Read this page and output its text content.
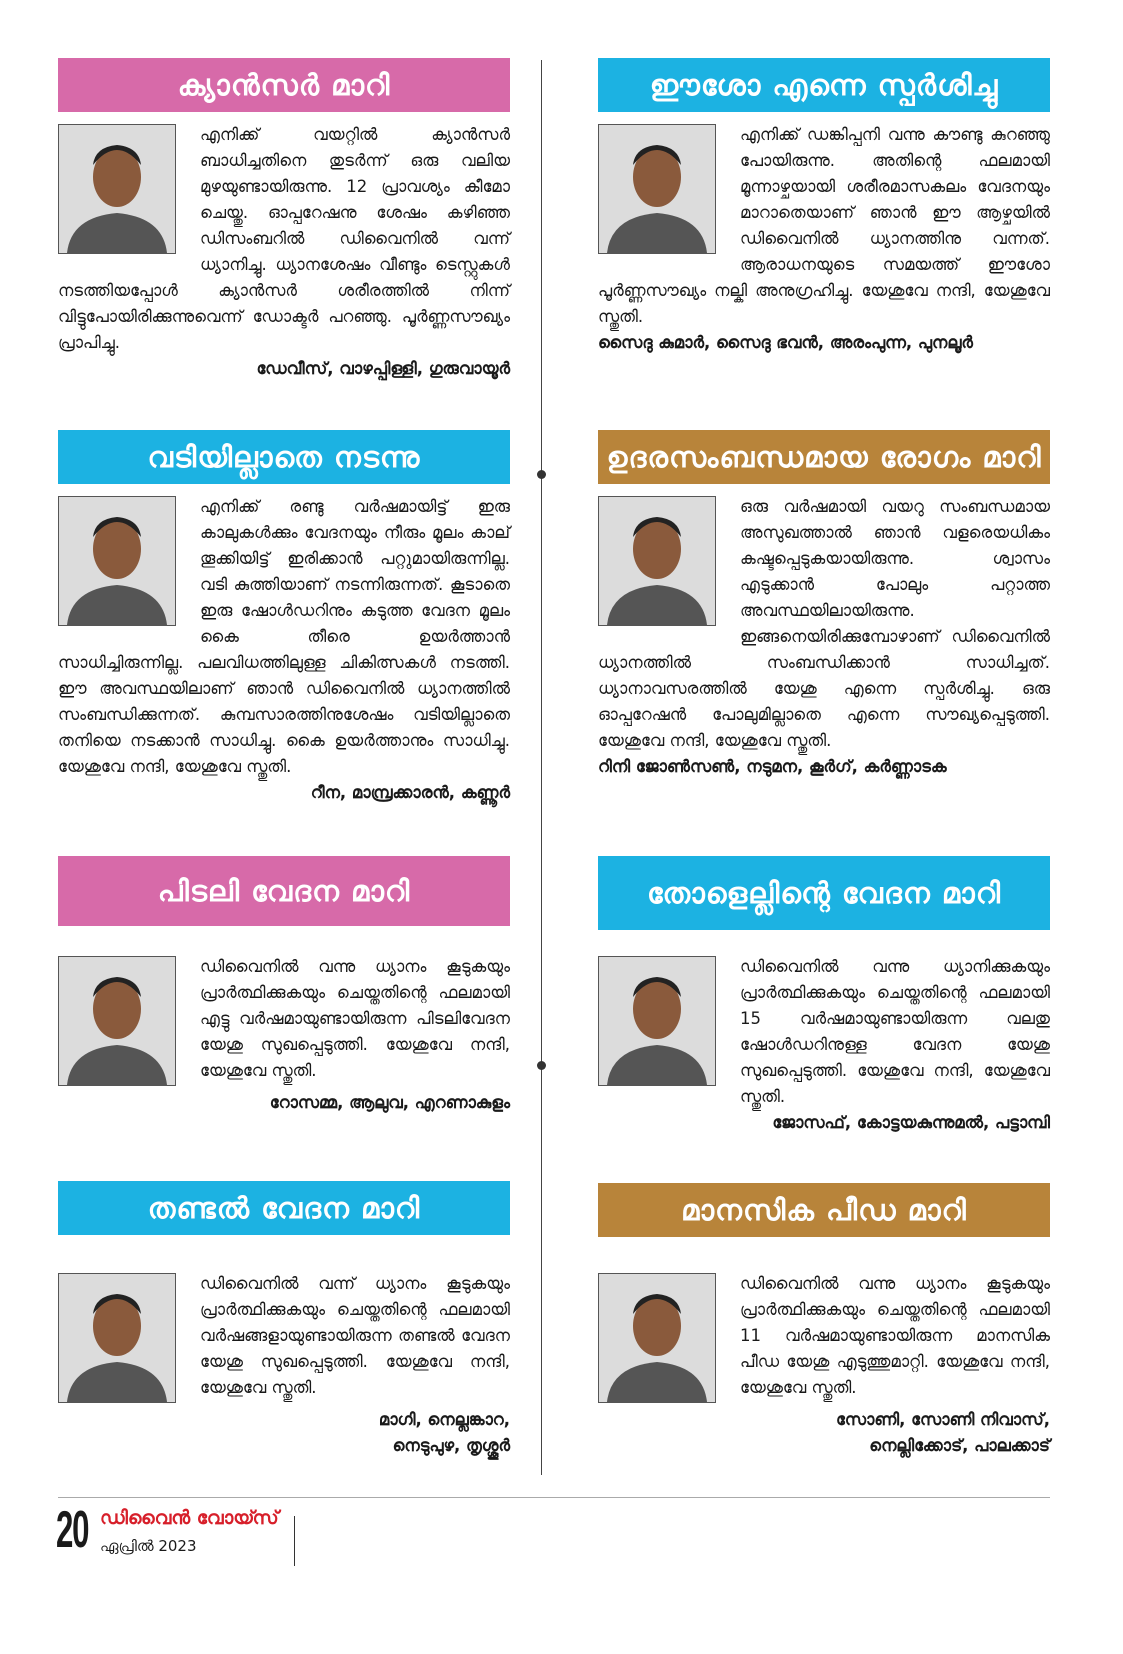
ക്യാൻസർ മാറി
എനിക്ക് വയറ്റിൽ ക്യാൻസർ ബാധിച്ചതിനെ തുടർന്ന് ഒരു വലിയ മുഴയുണ്ടായിരുന്നു. 12 പ്രാവശ്യം കീമോ ചെയ്തു. ഓപ്പറേഷനു ശേഷം കഴിഞ്ഞ ഡിസംബറിൽ ഡിവൈനിൽ വന്ന് ധ്യാനിച്ചു. ധ്യാനശേഷം വീണ്ടും ടെസ്റ്റുകൾ നടത്തിയപ്പോൾ ക്യാൻസർ ശരീരത്തിൽ നിന്ന് വിട്ടുപോയിരിക്കുന്നുവെന്ന് ഡോക്ടർ പറഞ്ഞു. പൂർണ്ണസൗഖ്യം പ്രാപിച്ചു.
ഡേവീസ്, വാഴപ്പിള്ളി, ഗുരുവായൂർ
വടിയില്ലാതെ നടന്നു
എനിക്ക് രണ്ടു വർഷമായിട്ട് ഇരു കാലുകൾക്കും വേദനയും നീരും മൂലം കാല് തൂക്കിയിട്ട് ഇരിക്കാൻ പറ്റുമായിരുന്നില്ല. വടി കുത്തിയാണ് നടന്നിരുന്നത്. കൂടാതെ ഇരു ഷോൾഡറിനും കടുത്ത വേദന മൂലം കൈ തീരെ ഉയർത്താൻ സാധിച്ചിരുന്നില്ല. പലവിധത്തിലുള്ള ചികിത്സകൾ നടത്തി. ഈ അവസ്ഥയിലാണ് ഞാൻ ഡിവൈനിൽ ധ്യാനത്തിൽ സംബന്ധിക്കുന്നത്. കുമ്പസാരത്തിനുശേഷം വടിയില്ലാതെ തനിയെ നടക്കാൻ സാധിച്ചു. കൈ ഉയർത്താനും സാധിച്ചു. യേശുവേ നന്ദി, യേശുവേ സ്തുതി.
റീന, മാമ്പ്രക്കാരൻ, കണ്ണൂർ
പിടലി വേദന മാറി
ഡിവൈനിൽ വന്നു ധ്യാനം കൂടുകയും പ്രാർത്ഥിക്കുകയും ചെയ്തതിന്റെ ഫലമായി എട്ടു വർഷമായുണ്ടായിരുന്ന പിടലിവേദന യേശു സുഖപ്പെടുത്തി. യേശുവേ നന്ദി, യേശുവേ സ്തുതി.
റോസമ്മ, ആലുവ, എറണാകുളം
തണ്ടൽ വേദന മാറി
ഡിവൈനിൽ വന്ന് ധ്യാനം കൂടുകയും പ്രാർത്ഥിക്കുകയും ചെയ്തതിന്റെ ഫലമായി വർഷങ്ങളായുണ്ടായിരുന്ന തണ്ടൽ വേദന യേശു സുഖപ്പെടുത്തി. യേശുവേ നന്ദി, യേശുവേ സ്തുതി.
മാഗി, നെല്ലങ്കാറ,
നെടുപുഴ, തൃശ്ശൂർ
ഈശോ എന്നെ സ്പർശിച്ചു
എനിക്ക് ഡങ്കിപ്പനി വന്നു കൗണ്ടു കുറഞ്ഞു പോയിരുന്നു. അതിന്റെ ഫലമായി മൂന്നാഴ്ചയായി ശരീരമാസകലം വേദനയും മാറാതെയാണ് ഞാൻ ഈ ആഴ്ചയിൽ ഡിവൈനിൽ ധ്യാനത്തിനു വന്നത്. ആരാധനയുടെ സമയത്ത് ഈശോ പൂർണ്ണസൗഖ്യം നല്കി അനുഗ്രഹിച്ചു. യേശുവേ നന്ദി, യേശുവേ സ്തുതി.
സൈദു കുമാർ, സൈദു ഭവൻ, അരംപുന്ന, പുനലൂർ
ഉദരസംബന്ധമായ രോഗം മാറി
ഒരു വർഷമായി വയറു സംബന്ധമായ അസുഖത്താൽ ഞാൻ വളരെയധികം കഷ്ടപ്പെടുകയായിരുന്നു. ശ്വാസം എടുക്കാൻ പോലും പറ്റാത്ത അവസ്ഥയിലായിരുന്നു. ഇങ്ങനെയിരിക്കുമ്പോഴാണ് ഡിവൈനിൽ ധ്യാനത്തിൽ സംബന്ധിക്കാൻ സാധിച്ചത്. ധ്യാനാവസരത്തിൽ യേശു എന്നെ സ്പർശിച്ചു. ഒരു ഓപ്പറേഷൻ പോലുമില്ലാതെ എന്നെ സൗഖ്യപ്പെടുത്തി. യേശുവേ നന്ദി, യേശുവേ സ്തുതി.
റിനി ജോൺസൺ, നടുമന, കൂർഗ്, കർണ്ണാടക
തോളെല്ലിന്റെ വേദന മാറി
ഡിവൈനിൽ വന്നു ധ്യാനിക്കുകയും പ്രാർത്ഥിക്കുകയും ചെയ്തതിന്റെ ഫലമായി 15 വർഷമായുണ്ടായിരുന്ന വലതു ഷോൾഡറിനുള്ള വേദന യേശു സുഖപ്പെടുത്തി. യേശുവേ നന്ദി, യേശുവേ സ്തുതി.
ജോസഫ്, കോട്ടയകുന്നുമൽ, പട്ടാമ്പി
മാനസിക പീഡ മാറി
ഡിവൈനിൽ വന്നു ധ്യാനം കൂടുകയും പ്രാർത്ഥിക്കുകയും ചെയ്തതിന്റെ ഫലമായി 11 വർഷമായുണ്ടായിരുന്ന മാനസിക പീഡ യേശു എടുത്തുമാറ്റി. യേശുവേ നന്ദി, യേശുവേ സ്തുതി.
സോണി, സോണി നിവാസ്,
നെല്ലിക്കോട്, പാലക്കാട്
20 ഡിവൈൻ വോയ്സ്
ഏപ്രിൽ 2023
